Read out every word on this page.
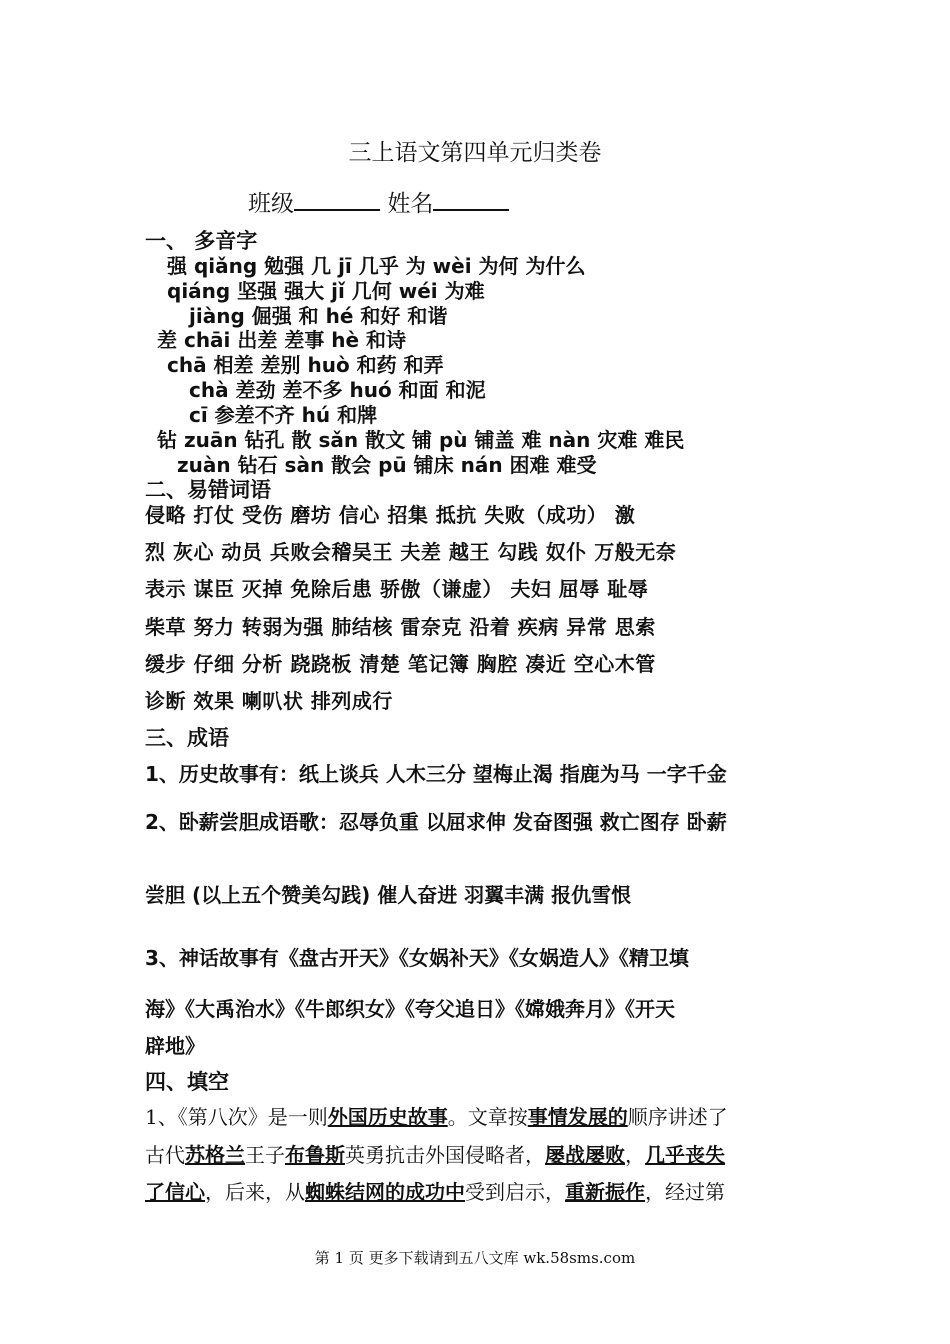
三上语文第四单元归类卷
班级	姓名
一、 多音字
强 qiǎng 勉强 几 jī 几乎 为 wèi 为何 为什么
qiáng 坚强 强大 jǐ 几何 wéi 为难
jiàng 倔强 和 hé 和好 和谐
差 chāi 出差 差事 hè 和诗
chā 相差 差别 huò 和药 和弄
chà 差劲 差不多 huó 和面 和泥
cī 参差不齐 hú 和牌
钻 zuān 钻孔 散 sǎn 散文 铺 pù 铺盖 难 nàn 灾难 难民
zuàn 钻石 sàn 散会 pū 铺床 nán 困难 难受
二、易错词语
侵略 打仗 受伤 磨坊 信心 招集 抵抗 失败（成功） 激
烈 灰心 动员 兵败会稽吴王 夫差 越王 勾践 奴仆 万般无奈
表示 谋臣 灭掉 免除后患 骄傲（谦虚） 夫妇 屈辱 耻辱
柴草 努力 转弱为强 肺结核 雷奈克 沿着 疾病 异常 思索
缓步 仔细 分析 跷跷板 清楚 笔记簿 胸腔 凑近 空心木管
诊断 效果 喇叭状 排列成行
三、成语
1、历史故事有：纸上谈兵 人木三分 望梅止渴 指鹿为马 一字千金
2、卧薪尝胆成语歌：忍辱负重 以屈求伸 发奋图强 救亡图存 卧薪
尝胆 (以上五个赞美勾践) 催人奋进 羽翼丰满 报仇雪恨
3、神话故事有《盘古开天》《女娲补天》《女娲造人》《精卫填
海》《大禹治水》《牛郎织女》《夸父追日》《嫦娥奔月》《开天
辟地》
四、填空
1、《第八次》是一则外国历史故事。文章按事情发展的顺序讲述了
古代苏格兰王子布鲁斯英勇抗击外国侵略者，屡战屡败，几乎丧失
了信心，后来，从蜘蛛结网的成功中受到启示，重新振作，经过第
第 1 页 更多下载请到五八文库 wk.58sms.com
